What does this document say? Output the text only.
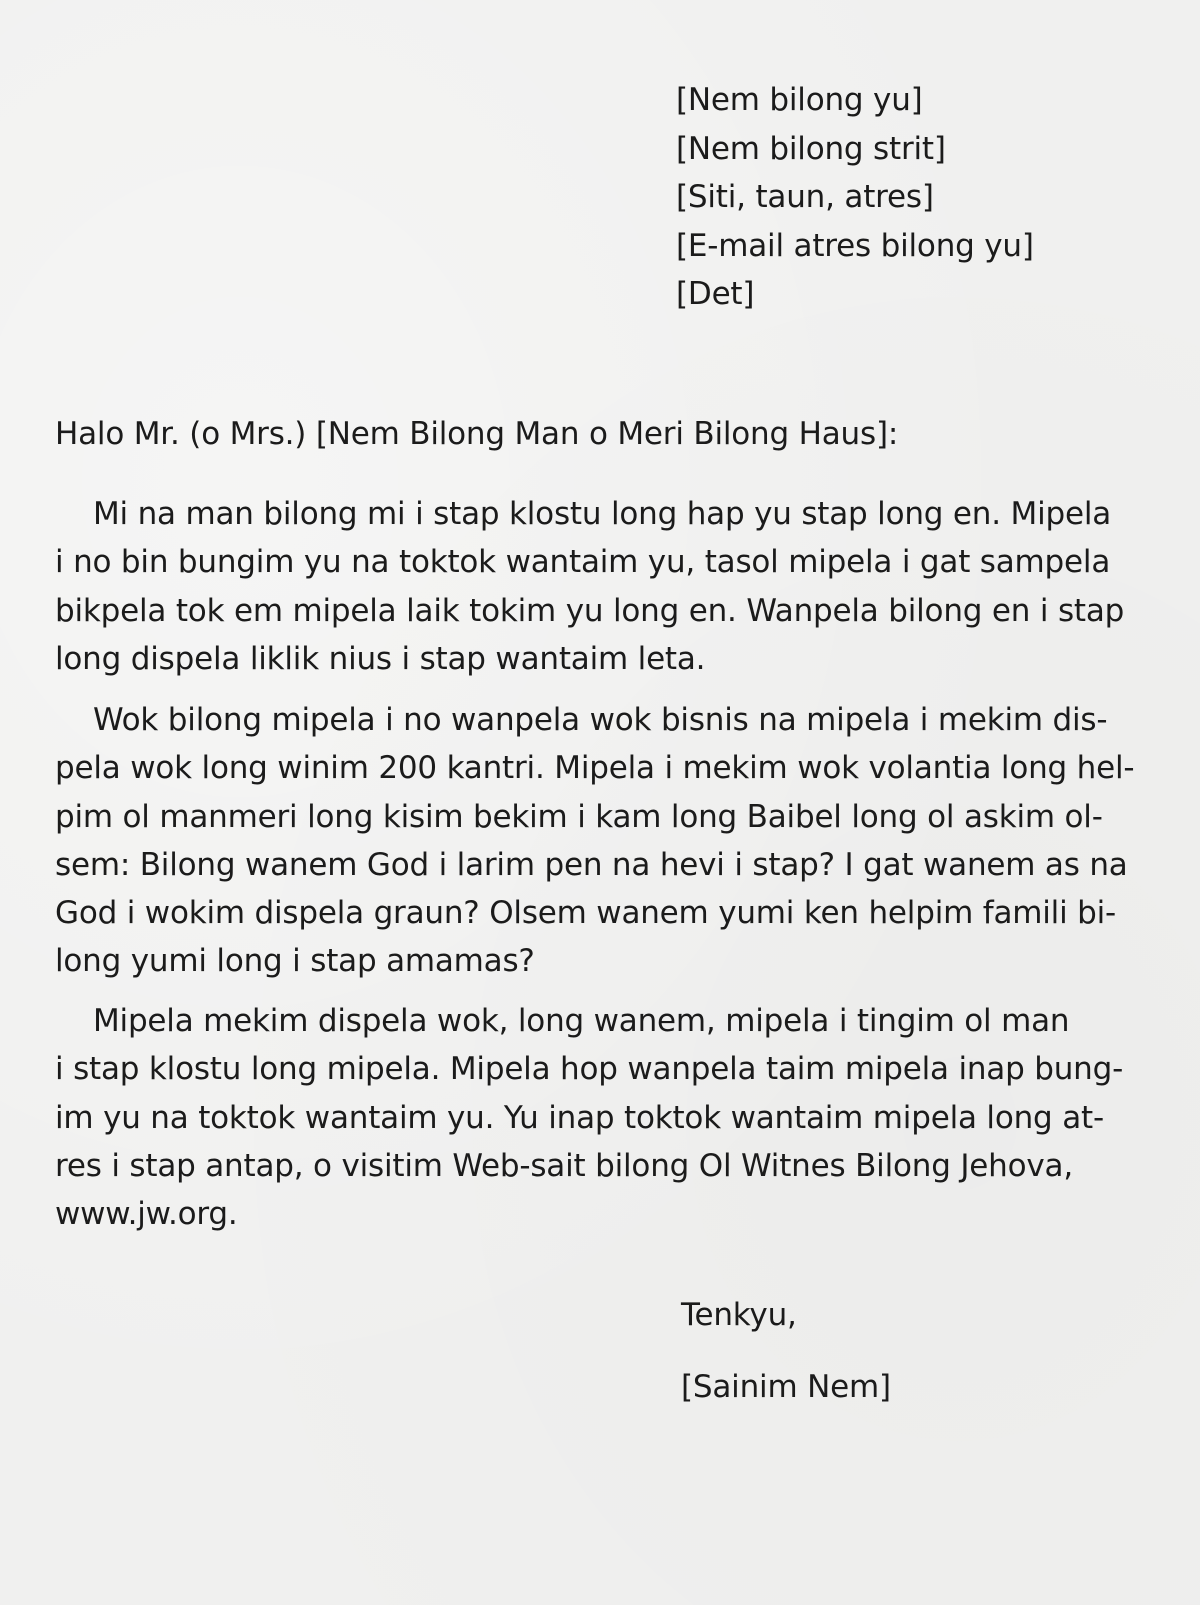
[Nem bilong yu]
[Nem bilong strit]
[Siti, taun, atres]
[E-mail atres bilong yu]
[Det]
Halo Mr. (o Mrs.) [Nem Bilong Man o Meri Bilong Haus]:
Mi na man bilong mi i stap klostu long hap yu stap long en. Mipela
i no bin bungim yu na toktok wantaim yu, tasol mipela i gat sampela
bikpela tok em mipela laik tokim yu long en. Wanpela bilong en i stap
long dispela liklik nius i stap wantaim leta.
Wok bilong mipela i no wanpela wok bisnis na mipela i mekim dis-
pela wok long winim 200 kantri. Mipela i mekim wok volantia long hel-
pim ol manmeri long kisim bekim i kam long Baibel long ol askim ol-
sem: Bilong wanem God i larim pen na hevi i stap? I gat wanem as na
God i wokim dispela graun? Olsem wanem yumi ken helpim famili bi-
long yumi long i stap amamas?
Mipela mekim dispela wok, long wanem, mipela i tingim ol man
i stap klostu long mipela. Mipela hop wanpela taim mipela inap bung-
im yu na toktok wantaim yu. Yu inap toktok wantaim mipela long at-
res i stap antap, o visitim Web-sait bilong Ol Witnes Bilong Jehova,
www.jw.org.
Tenkyu,
[Sainim Nem]
